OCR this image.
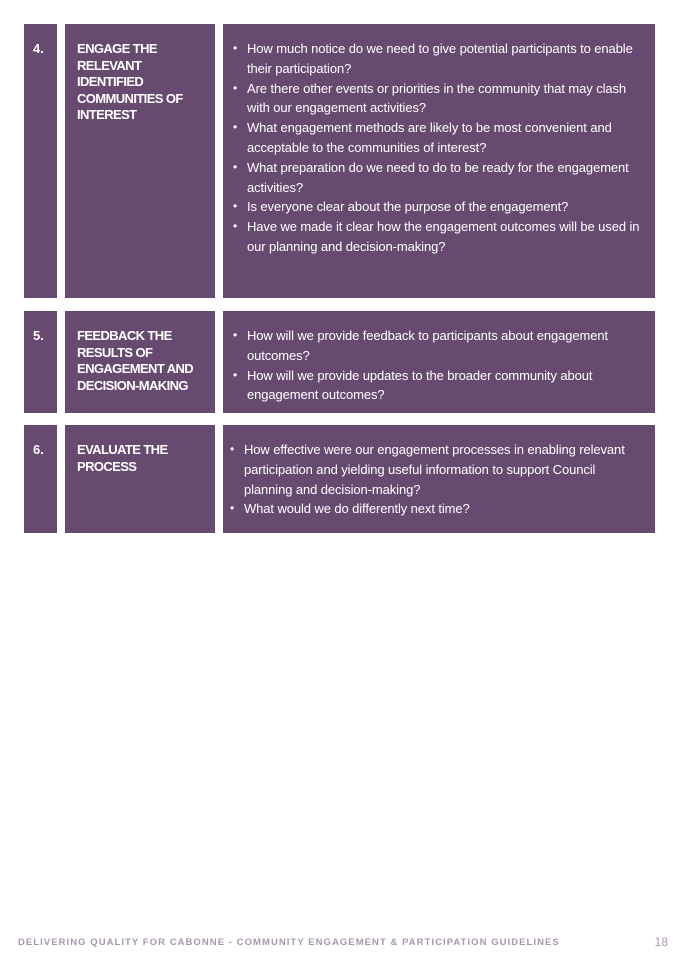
4.	ENGAGE THE RELEVANT IDENTIFIED COMMUNITIES OF INTEREST
• How much notice do we need to give potential participants to enable their participation?
• Are there other events or priorities in the community that may clash with our engagement activities?
• What engagement methods are likely to be most convenient and acceptable to the communities of interest?
• What preparation do we need to do to be ready for the engagement activities?
• Is everyone clear about the purpose of the engagement?
• Have we made it clear how the engagement outcomes will be used in our planning and decision-making?
5.	FEEDBACK THE RESULTS OF ENGAGEMENT AND DECISION-MAKING
• How will we provide feedback to participants about engagement outcomes?
• How will we provide updates to the broader community about engagement outcomes?
6.	EVALUATE THE PROCESS
• How effective were our engagement processes in enabling relevant participation and yielding useful information to support Council planning and decision-making?
• What would we do differently next time?
DELIVERING QUALITY FOR CABONNE - COMMUNITY ENGAGEMENT & PARTICIPATION GUIDELINES	18
